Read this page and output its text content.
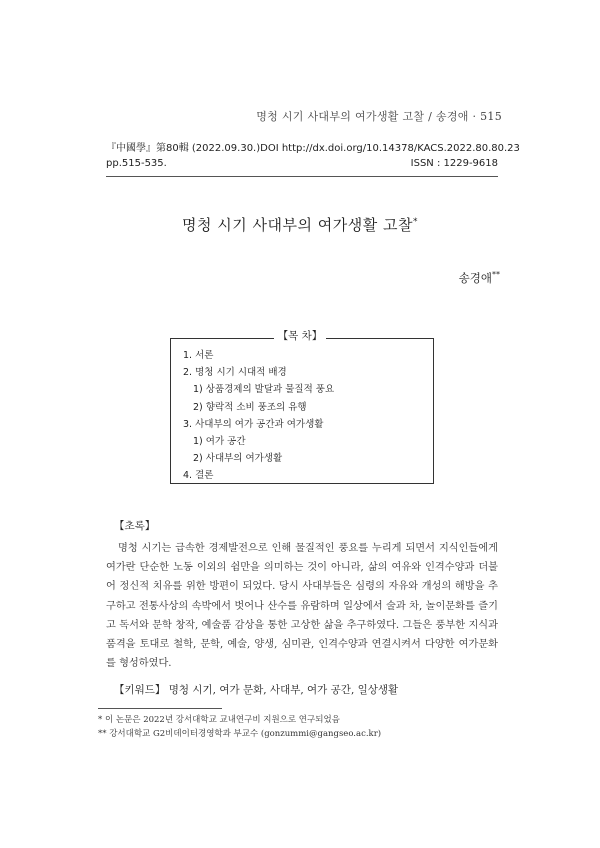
명청 시기 사대부의 여가생활 고찰 / 송경애 · 515
『中國學』第80輯 (2022.09.30.) DOI http://dx.doi.org/10.14378/KACS.2022.80.80.23
pp.515-535.	ISSN : 1229-9618
명청 시기 사대부의 여가생활 고찰*
송경애**
【목 차】
1. 서론
2. 명청 시기 시대적 배경
1) 상품경제의 발달과 물질적 풍요
2) 향락적 소비 풍조의 유행
3. 사대부의 여가 공간과 여가생활
1) 여가 공간
2) 사대부의 여가생활
4. 결론
【초록】
명청 시기는 급속한 경제발전으로 인해 물질적인 풍요를 누리게 되면서 지식인들에게 여가란 단순한 노동 이외의 쉼만을 의미하는 것이 아니라, 삶의 여유와 인격수양과 더불어 정신적 치유를 위한 방편이 되었다. 당시 사대부들은 심령의 자유와 개성의 해방을 추구하고 전통사상의 속박에서 벗어나 산수를 유람하며 일상에서 술과 차, 놀이문화를 즐기고 독서와 문학 창작, 예술품 감상을 통한 고상한 삶을 추구하였다. 그들은 풍부한 지식과 품격을 토대로 철학, 문학, 예술, 양생, 심미관, 인격수양과 연결시켜서 다양한 여가문화를 형성하였다.
【키워드】 명청 시기, 여가 문화, 사대부, 여가 공간, 일상생활
* 이 논문은 2022년 강서대학교 교내연구비 지원으로 연구되었음
** 강서대학교 G2비데이터경영학과 부교수 (gonzummi@gangseo.ac.kr)
